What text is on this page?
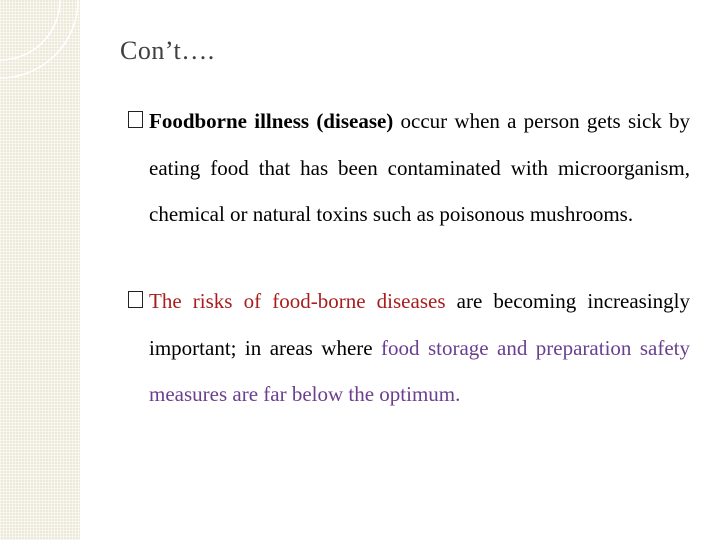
Con’t….
Foodborne illness (disease) occur when a person gets sick by eating food that has been contaminated with microorganism, chemical or natural toxins such as poisonous mushrooms.
The risks of food-borne diseases are becoming increasingly important; in areas where food storage and preparation safety measures are far below the optimum.
